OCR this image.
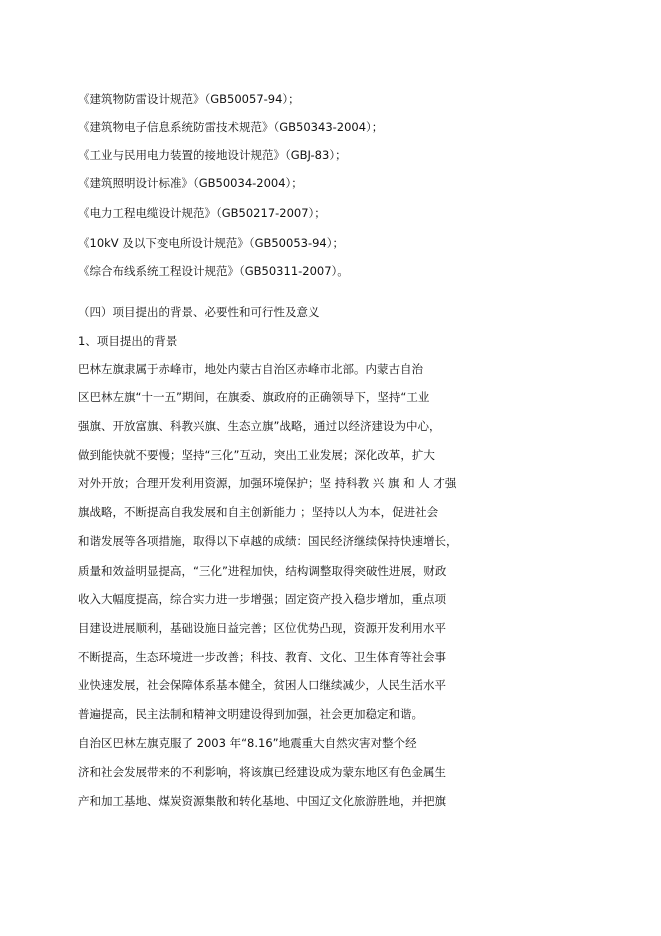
《建筑物防雷设计规范》（GB50057-94）；
《建筑物电子信息系统防雷技术规范》（GB50343-2004）；
《工业与民用电力装置的接地设计规范》（GBJ-83）；
《建筑照明设计标准》（GB50034-2004）；
《电力工程电缆设计规范》（GB50217-2007）；
《10kV 及以下变电所设计规范》（GB50053-94）；
《综合布线系统工程设计规范》（GB50311-2007）。
（四）项目提出的背景、必要性和可行性及意义
1、项目提出的背景
巴林左旗隶属于赤峰市，地处内蒙古自治区赤峰市北部。内蒙古自治
区巴林左旗“十一五”期间，在旗委、旗政府的正确领导下，坚持“工业
强旗、开放富旗、科教兴旗、生态立旗”战略，通过以经济建设为中心，
做到能快就不要慢；坚持“三化”互动，突出工业发展；深化改革，扩大
对外开放；合理开发利用资源，加强环境保护；坚 持科教 兴 旗 和 人 才强
旗战略，不断提高自我发展和自主创新能力 ；坚持以人为本，促进社会
和谐发展等各项措施，取得以下卓越的成绩：国民经济继续保持快速增长，
质量和效益明显提高，“三化”进程加快，结构调整取得突破性进展，财政
收入大幅度提高，综合实力进一步增强；固定资产投入稳步增加，重点项
目建设进展顺利，基础设施日益完善；区位优势凸现，资源开发利用水平
不断提高，生态环境进一步改善；科技、教育、文化、卫生体育等社会事
业快速发展，社会保障体系基本健全，贫困人口继续减少，人民生活水平
普遍提高，民主法制和精神文明建设得到加强，社会更加稳定和谐。
自治区巴林左旗克服了 2003 年“8.16”地震重大自然灾害对整个经
济和社会发展带来的不利影响，将该旗已经建设成为蒙东地区有色金属生
产和加工基地、煤炭资源集散和转化基地、中国辽文化旅游胜地，并把旗
